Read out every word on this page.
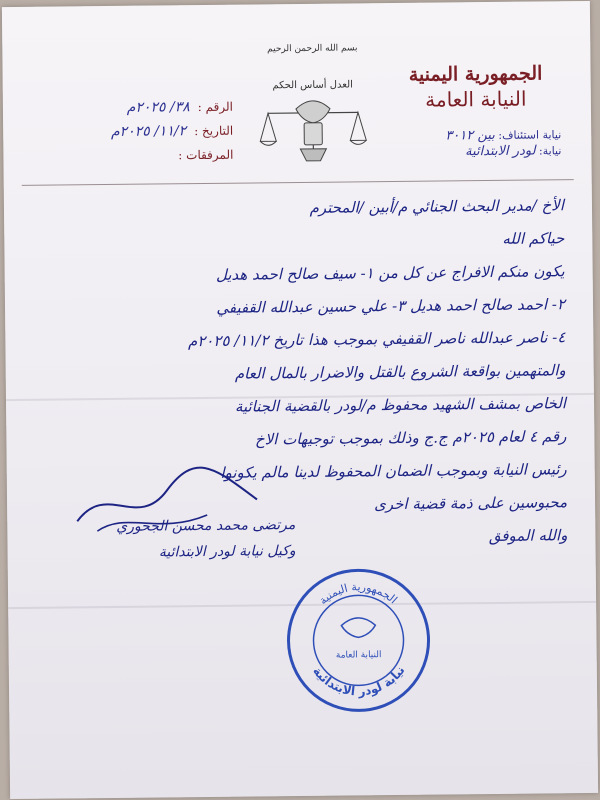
الجمهورية اليمنية
النيابة العامة
نيابة استئناف: بين ٣٠١٢
نيابة: لودر الابتدائية
بسم الله الرحمن الرحيم
العدل أساس الحكم
الرقم :
٣٨/ ٢٠٢٥م
التاريخ :
١١/٢/ ٢٠٢٥م
المرفقات :
الأخ /مدير البحث الجنائي م/أبين /المحترم
حياكم الله
يكون منكم الافراج عن كل من ١- سيف صالح احمد هديل
٢- احمد صالح احمد هديل ٣- علي حسين عبدالله القفيفي
٤- ناصر عبدالله ناصر القفيفي بموجب هذا تاريخ ١١/٢/ ٢٠٢٥م
والمتهمين بواقعة الشروع بالقتل والاضرار بالمال العام
الخاص بمشف الشهيد محفوظ م/لودر بالقضية الجنائية
رقم ٤ لعام ٢٠٢٥م ج.ج وذلك بموجب توجيهات الاخ
رئيس النيابة وبموجب الضمان المحفوظ لدينا مالم يكونوا
محبوسين على ذمة قضية اخرى
والله الموفق
مرتضى محمد محسن الجحوري
وكيل نيابة لودر الابتدائية
الجمهورية اليمنية
نيابة لودر الابتدائية
النيابة العامة
